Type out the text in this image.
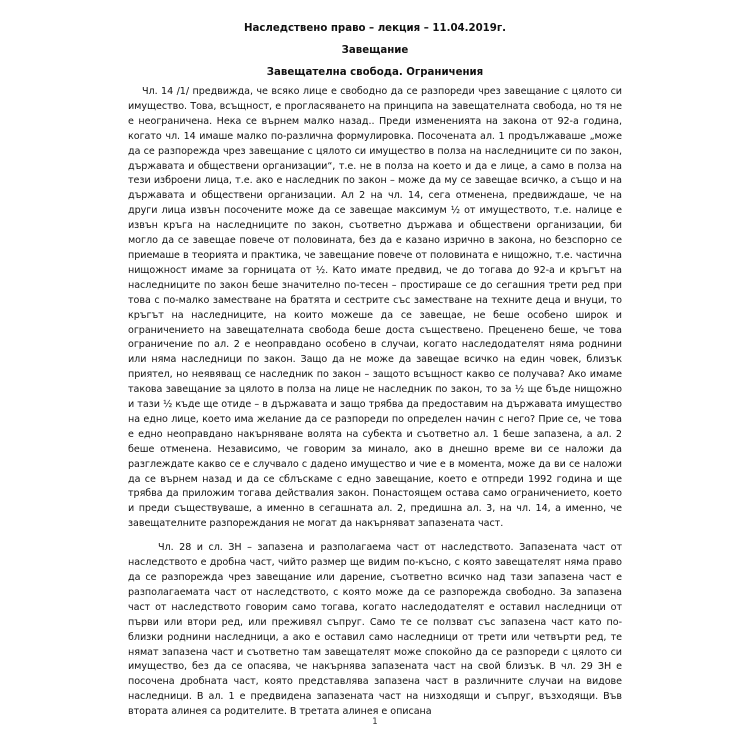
Наследствено право – лекция – 11.04.2019г.
Завещание
Завещателна свобода. Ограничения

Чл. 14 /1/ предвижда, че всяко лице е свободно да се разпореди чрез завещание с цялото си имущество. Това, всъщност, е прогласяването на принципа на завещателната свобода, но тя не е неограничена. Нека се върнем малко назад.. Преди измененията на закона от 92-а година, когато чл. 14 имаше малко по-различна формулировка. Посочената ал. 1 продължаваше „може да се разпорежда чрез завещание с цялото си имущество в полза на наследниците си по закон, държавата и обществени организации“, т.е. не в полза на което и да е лице, а само в полза на тези изброени лица, т.е. ако е наследник по закон – може да му се завещае всичко, а също и на държавата и обществени организации. Ал 2 на чл. 14, сега отменена, предвиждаше, че на други лица извън посочените може да се завещае максимум ½ от имуществото, т.е. налице е извън кръга на наследниците по закон, съответно държава и обществени организации, би могло да се завещае повече от половината, без да е казано изрично в закона, но безспорно се приемаше в теорията и практика, че завещание повече от половината е нищожно, т.е. частична нищожност имаме за горницата от ½. Като имате предвид, че до тогава до 92-а и кръгът на наследниците по закон беше значително по-тесен – простираше се до сегашния трети ред при това с по-малко заместване на братята и сестрите със заместване на техните деца и внуци, то кръгът на наследниците, на които можеше да се завещае, не беше особено широк и ограничението на завещателната свобода беше доста съществено. Преценено беше, че това ограничение по ал. 2 е неоправдано особено в случаи, когато наследодателят няма роднини или няма наследници по закон. Защо да не може да завещае всичко на един човек, близък приятел, но неявяващ се наследник по закон – защото всъщност какво се получава? Ако имаме такова завещание за цялото в полза на лице не наследник по закон, то за ½ ще бъде нищожно и тази ½ къде ще отиде – в държавата и защо трябва да предоставим на държавата имущество на едно лице, което има желание да се разпореди по определен начин с него? Прие се, че това е едно неоправдано накърняване волята на субекта и съответно ал. 1 беше запазена, а ал. 2 беше отменена. Независимо, че говорим за минало, ако в днешно време ви се наложи да разглеждате какво се е случвало с дадено имущество и чие е в момента, може да ви се наложи да се върнем назад и да се сблъскаме с едно завещание, което е отпреди 1992 година и ще трябва да приложим тогава действалия закон. Понастоящем остава само ограничението, което и преди съществуваше, а именно в сегашната ал. 2, предишна ал. 3, на чл. 14, а именно, че завещателните разпореждания не могат да накърняват запазената част.

Чл. 28 и сл. ЗН – запазена и разполагаема част от наследството. Запазената част от наследството е дробна част, чийто размер ще видим по-късно, с която завещателят няма право да се разпорежда чрез завещание или дарение, съответно всичко над тази запазена част е разполагаемата част от наследството, с която може да се разпорежда свободно. За запазена част от наследството говорим само тогава, когато наследодателят е оставил наследници от първи или втори ред, или преживял съпруг. Само те се ползват със запазена част като по-близки роднини наследници, а ако е оставил само наследници от трети или четвърти ред, те нямат запазена част и съответно там завещателят може спокойно да се разпореди с цялото си имущество, без да се опасява, че накърнява запазената част на свой близък. В чл. 29 ЗН е посочена дробната част, която представлява запазена част в различните случаи на видове наследници. В ал. 1 е предвидена запазената част на низходящи и съпруг, възходящи. Във втората алинея са родителите. В третата алинея е описана

1
